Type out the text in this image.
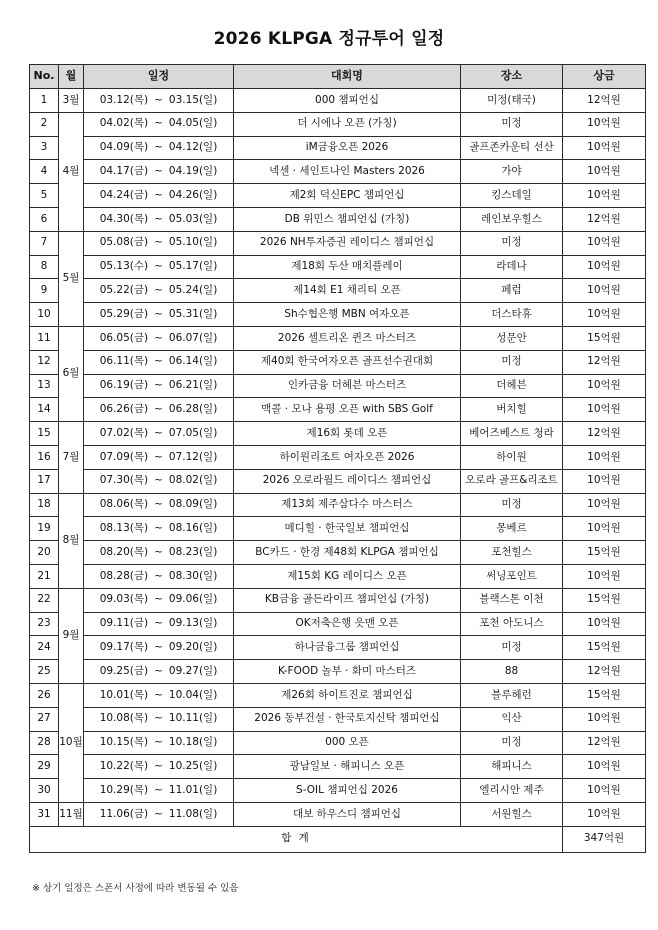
2026 KLPGA 정규투어 일정
No.	월	일정	대회명	장소	상금
1	3월	03.12(목) ~ 03.15(일)	000 챔피언십	미정(태국)	12억원
2	4월	04.02(목) ~ 04.05(일)	더 시에나 오픈 (가칭)	미정	10억원
3		04.09(목) ~ 04.12(일)	iM금융오픈 2026	골프존카운티 선산	10억원
4		04.17(금) ~ 04.19(일)	넥센 · 세인트나인 Masters 2026	가야	10억원
5		04.24(금) ~ 04.26(일)	제2회 덕신EPC 챔피언십	킹스데일	10억원
6		04.30(목) ~ 05.03(일)	DB 위민스 챔피언십 (가칭)	레인보우힐스	12억원
7	5월	05.08(금) ~ 05.10(일)	2026 NH투자증권 레이디스 챔피언십	미정	10억원
8		05.13(수) ~ 05.17(일)	제18회 두산 매치플레이	라데나	10억원
9		05.22(금) ~ 05.24(일)	제14회 E1 채리티 오픈	페럼	10억원
10		05.29(금) ~ 05.31(일)	Sh수협은행 MBN 여자오픈	더스타휴	10억원
11	6월	06.05(금) ~ 06.07(일)	2026 셀트리온 퀸즈 마스터즈	성문안	15억원
12		06.11(목) ~ 06.14(일)	제40회 한국여자오픈 골프선수권대회	미정	12억원
13		06.19(금) ~ 06.21(일)	인카금융 더헤븐 마스터즈	더헤븐	10억원
14		06.26(금) ~ 06.28(일)	맥콜 · 모나 용평 오픈 with SBS Golf	버치힐	10억원
15	7월	07.02(목) ~ 07.05(일)	제16회 롯데 오픈	베어즈베스트 청라	12억원
16		07.09(목) ~ 07.12(일)	하이원리조트 여자오픈 2026	하이원	10억원
17		07.30(목) ~ 08.02(일)	2026 오로라월드 레이디스 챔피언십	오로라 골프&리조트	10억원
18	8월	08.06(목) ~ 08.09(일)	제13회 제주삼다수 마스터스	미정	10억원
19		08.13(목) ~ 08.16(일)	메디힐 · 한국일보 챔피언십	몽베르	10억원
20		08.20(목) ~ 08.23(일)	BC카드 · 한경 제48회 KLPGA 챔피언십	포천힐스	15억원
21		08.28(금) ~ 08.30(일)	제15회 KG 레이디스 오픈	써닝포인트	10억원
22	9월	09.03(목) ~ 09.06(일)	KB금융 골든라이프 챔피언십 (가칭)	블랙스톤 이천	15억원
23		09.11(금) ~ 09.13(일)	OK저축은행 읏맨 오픈	포천 아도니스	10억원
24		09.17(목) ~ 09.20(일)	하나금융그룹 챔피언십	미정	15억원
25		09.25(금) ~ 09.27(일)	K-FOOD 놀부 · 화미 마스터즈	88	12억원
26	10월	10.01(목) ~ 10.04(일)	제26회 하이트진로 챔피언십	블루헤런	15억원
27		10.08(목) ~ 10.11(일)	2026 동부건설 · 한국토지신탁 챔피언십	익산	10억원
28		10.15(목) ~ 10.18(일)	000 오픈	미정	12억원
29		10.22(목) ~ 10.25(일)	광남일보 · 해피니스 오픈	해피니스	10억원
30		10.29(목) ~ 11.01(일)	S-OIL 챔피언십 2026	엘리시안 제주	10억원
31	11월	11.06(금) ~ 11.08(일)	대보 하우스디 챔피언십	서원힐스	10억원
합 계					347억원
※ 상기 일정은 스폰서 사정에 따라 변동될 수 있음
